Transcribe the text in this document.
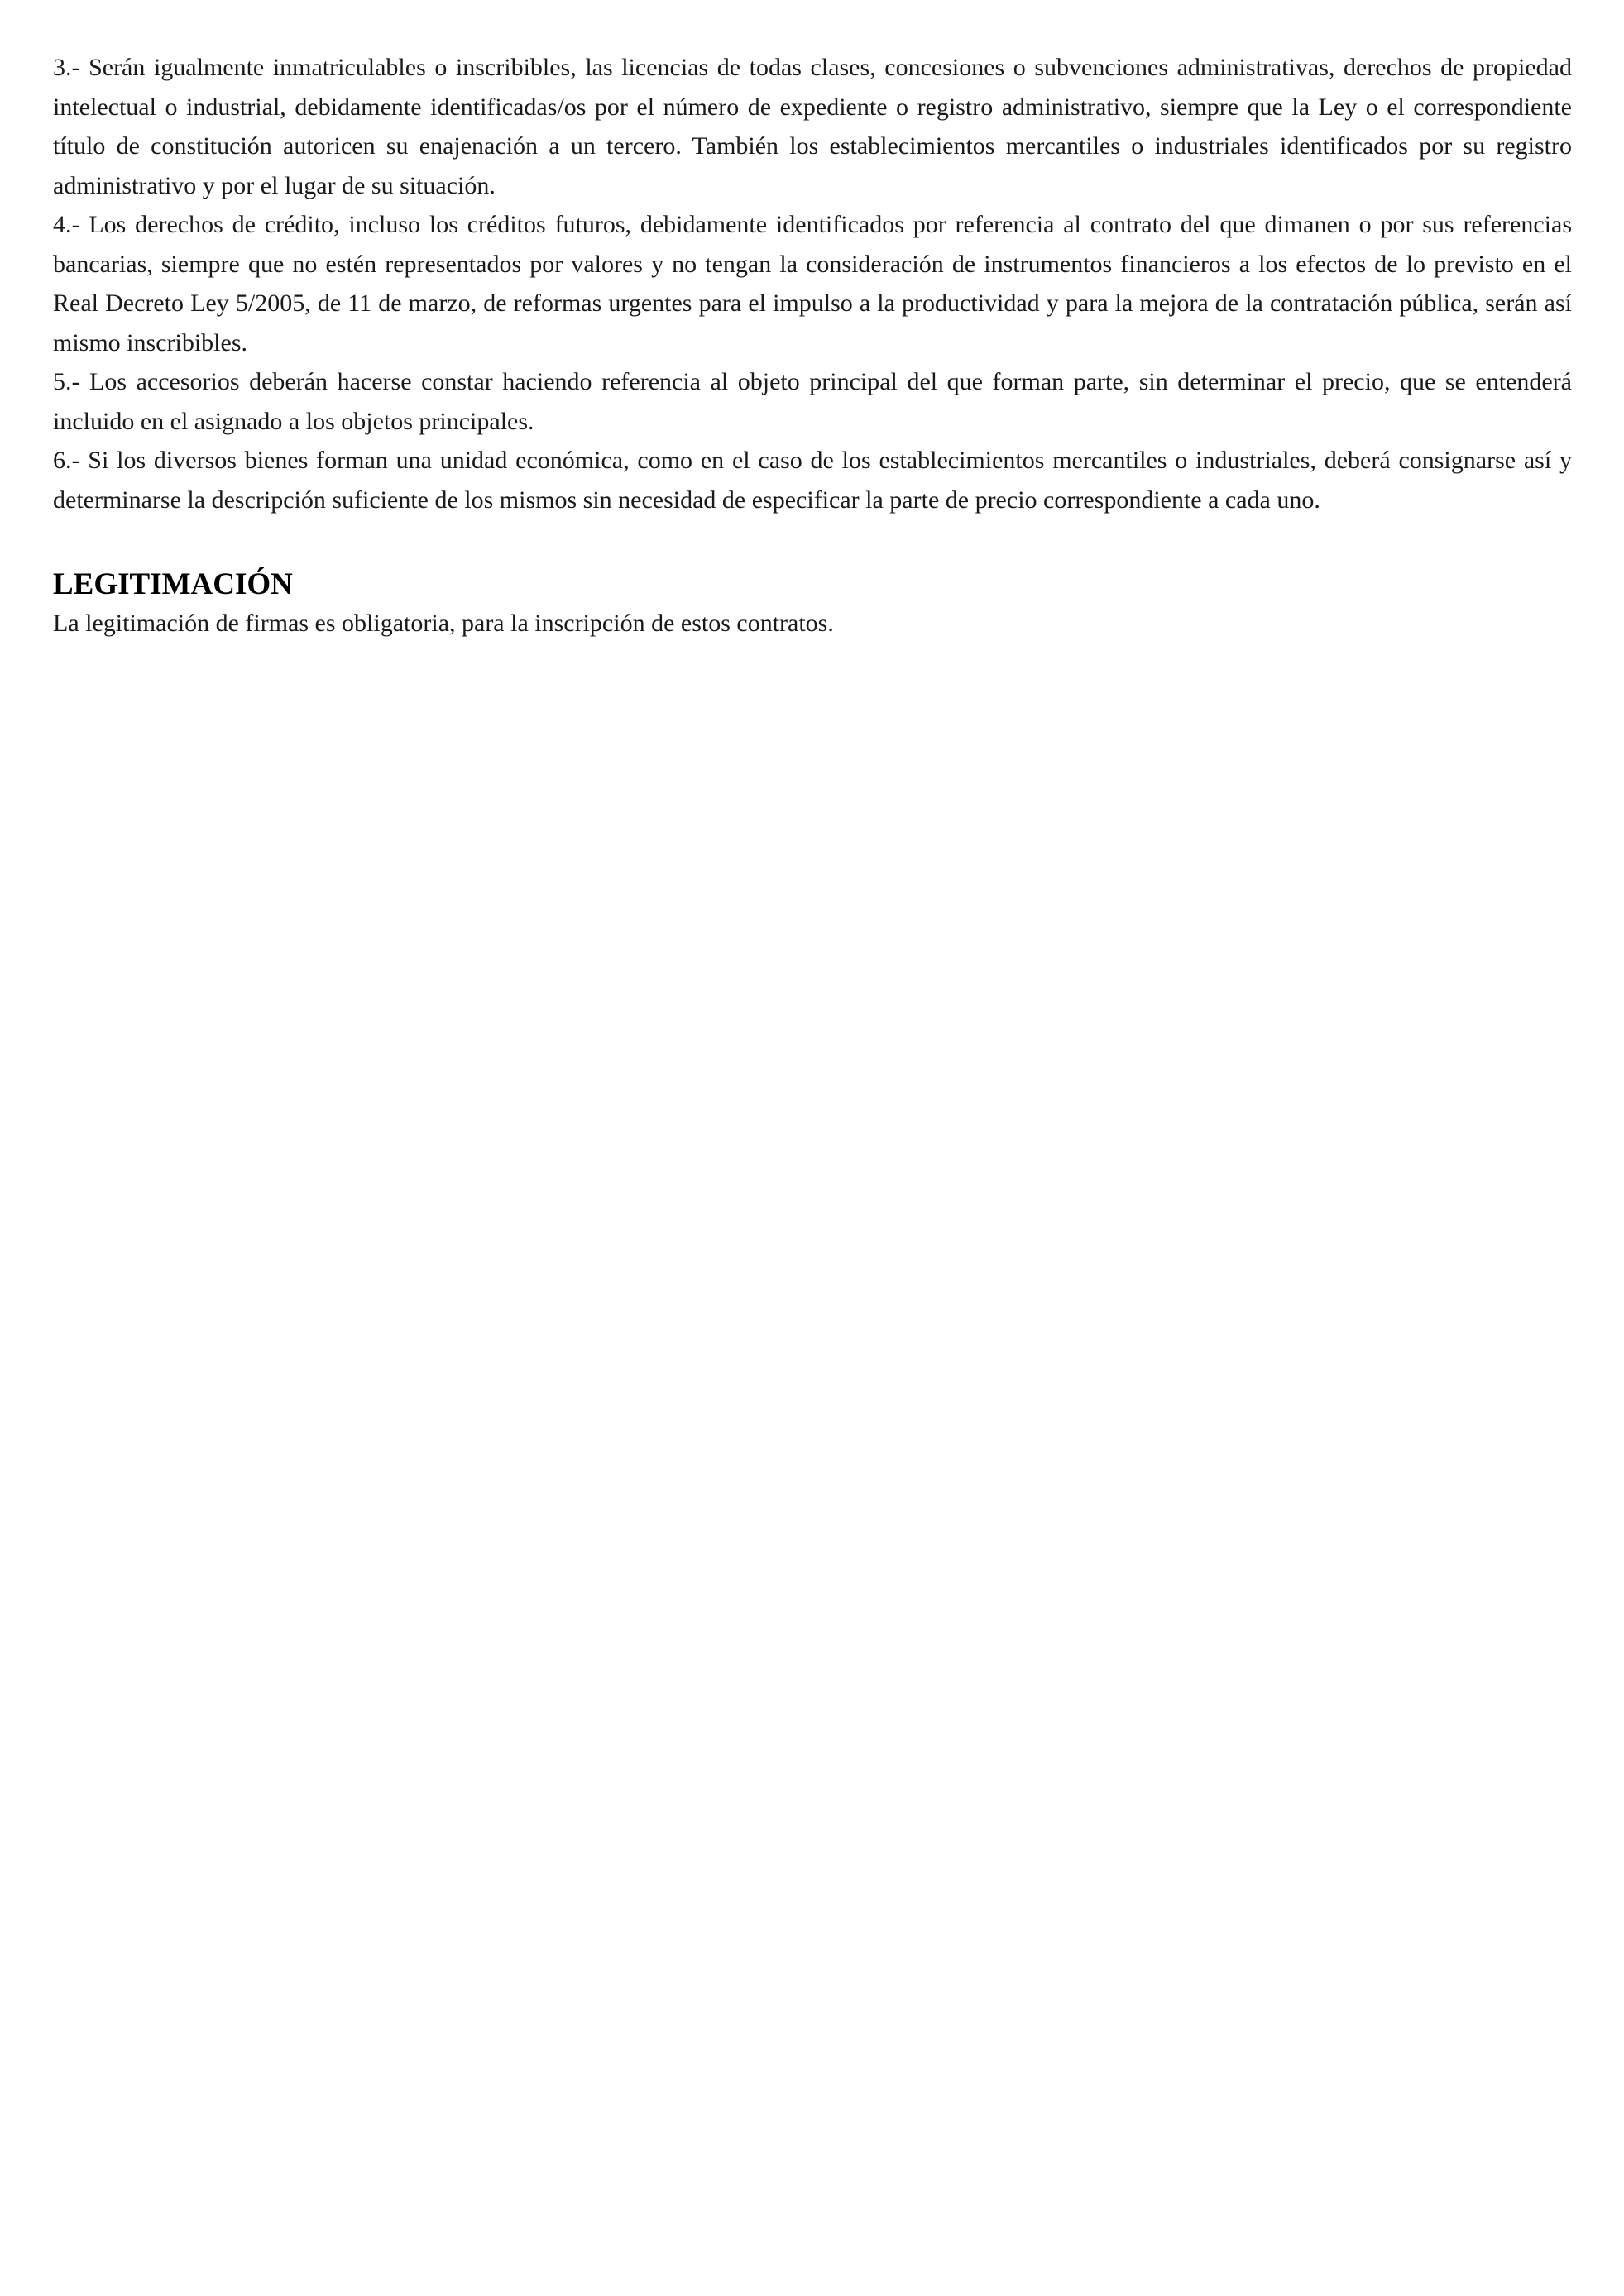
3.- Serán igualmente inmatriculables o inscribibles, las licencias de todas clases, concesiones o subvenciones administrativas, derechos de propiedad intelectual o industrial, debidamente identificadas/os por el número de expediente o registro administrativo, siempre que la Ley o el correspondiente título de constitución autoricen su enajenación a un tercero. También los establecimientos mercantiles o industriales identificados por su registro administrativo y por el lugar de su situación.

4.- Los derechos de crédito, incluso los créditos futuros, debidamente identificados por referencia al contrato del que dimanen o por sus referencias bancarias, siempre que no estén representados por valores y no tengan la consideración de instrumentos financieros a los efectos de lo previsto en el Real Decreto Ley 5/2005, de 11 de marzo, de reformas urgentes para el impulso a la productividad y para la mejora de la contratación pública, serán así mismo inscribibles.

5.- Los accesorios deberán hacerse constar haciendo referencia al objeto principal del que forman parte, sin determinar el precio, que se entenderá incluido en el asignado a los objetos principales.

6.- Si los diversos bienes forman una unidad económica, como en el caso de los establecimientos mercantiles o industriales, deberá consignarse así y determinarse la descripción suficiente de los mismos sin necesidad de especificar la parte de precio correspondiente a cada uno.

LEGITIMACIÓN

La legitimación de firmas es obligatoria, para la inscripción de estos contratos.
